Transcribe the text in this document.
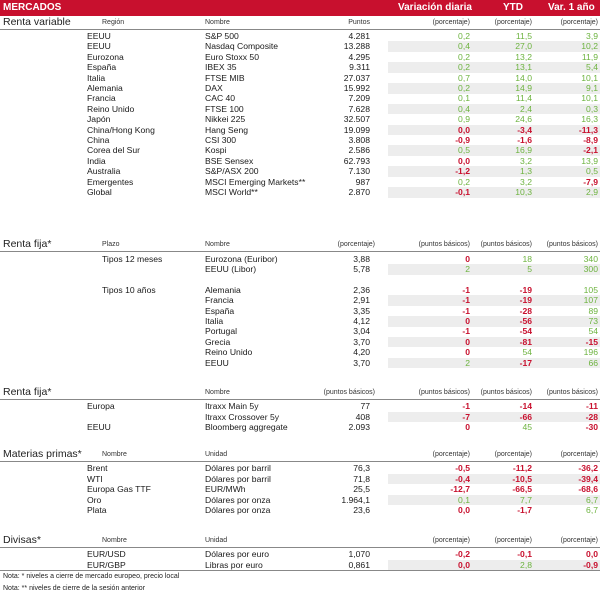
MERCADOS	Variación diaria	YTD	Var. 1 año
Renta variable	Región	Nombre	Puntos	(porcentaje)	(porcentaje)	(porcentaje)
EEUU	S&P 500	4.281	0,2	11,5	3,9
EEUU	Nasdaq Composite	13.288	0,4	27,0	10,2
Eurozona	Euro Stoxx 50	4.295	0,2	13,2	11,9
España	IBEX 35	9.311	0,2	13,1	5,4
Italia	FTSE MIB	27.037	0,7	14,0	10,1
Alemania	DAX	15.992	0,2	14,9	9,1
Francia	CAC 40	7.209	0,1	11,4	10,1
Reino Unido	FTSE 100	7.628	0,4	2,4	0,3
Japón	Nikkei 225	32.507	0,9	24,6	16,3
China/Hong Kong	Hang Seng	19.099	0,0	-3,4	-11,3
China	CSI 300	3.808	-0,9	-1,6	-8,9
Corea del Sur	Kospi	2.586	0,5	16,9	-2,1
India	BSE Sensex	62.793	0,0	3,2	13,9
Australia	S&P/ASX 200	7.130	-1,2	1,3	0,5
Emergentes	MSCI Emerging Markets**	987	0,2	3,2	-7,9
Global	MSCI World**	2.870	-0,1	10,3	2,9
Renta fija*	Plazo	Nombre	(porcentaje)	(puntos básicos)	(puntos básicos)	(puntos básicos)
Tipos 12 meses	Eurozona (Euribor)	3,88	0	18	340
EEUU (Libor)	5,78	2	5	300
Tipos 10 años	Alemania	2,36	-1	-19	105
Francia	2,91	-1	-19	107
España	3,35	-1	-28	89
Italia	4,12	0	-56	73
Portugal	3,04	-1	-54	54
Grecia	3,70	0	-81	-15
Reino Unido	4,20	0	54	196
EEUU	3,70	2	-17	66
Renta fija*	Nombre	(puntos básicos)	(puntos básicos)	(puntos básicos)	(puntos básicos)
Europa	Itraxx Main 5y	77	-1	-14	-11
Itraxx Crossover 5y	408	-7	-66	-28
EEUU	Bloomberg aggregate	2.093	0	45	-30
Materias primas*	Nombre	Unidad	(porcentaje)	(porcentaje)	(porcentaje)
Brent	Dólares por barril	76,3	-0,5	-11,2	-36,2
WTI	Dólares por barril	71,8	-0,4	-10,5	-39,4
Europa Gas TTF	EUR/MWh	25,5	-12,7	-66,5	-68,6
Oro	Dólares por onza	1.964,1	0,1	7,7	6,7
Plata	Dólares por onza	23,6	0,0	-1,7	6,7
Divisas*	Nombre	Unidad	(porcentaje)	(porcentaje)	(porcentaje)
EUR/USD	Dólares por euro	1,070	-0,2	-0,1	0,0
EUR/GBP	Libras por euro	0,861	0,0	2,8	-0,9
Nota: * niveles a cierre de mercado europeo, precio local
Nota: ** niveles de cierre de la sesión anterior
